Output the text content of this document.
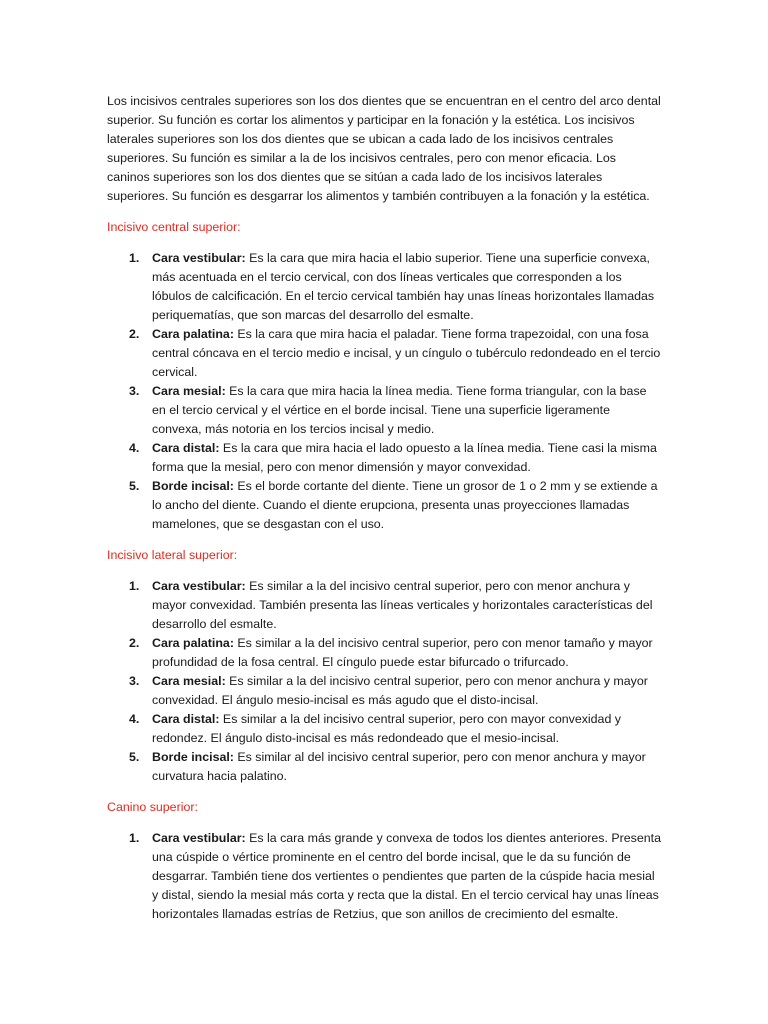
Los incisivos centrales superiores son los dos dientes que se encuentran en el centro del arco dental superior. Su función es cortar los alimentos y participar en la fonación y la estética. Los incisivos laterales superiores son los dos dientes que se ubican a cada lado de los incisivos centrales superiores. Su función es similar a la de los incisivos centrales, pero con menor eficacia. Los caninos superiores son los dos dientes que se sitúan a cada lado de los incisivos laterales superiores. Su función es desgarrar los alimentos y también contribuyen a la fonación y la estética.

Incisivo central superior:
1. Cara vestibular: Es la cara que mira hacia el labio superior. Tiene una superficie convexa, más acentuada en el tercio cervical, con dos líneas verticales que corresponden a los lóbulos de calcificación. En el tercio cervical también hay unas líneas horizontales llamadas periquematías, que son marcas del desarrollo del esmalte.
2. Cara palatina: Es la cara que mira hacia el paladar. Tiene forma trapezoidal, con una fosa central cóncava en el tercio medio e incisal, y un cíngulo o tubérculo redondeado en el tercio cervical.
3. Cara mesial: Es la cara que mira hacia la línea media. Tiene forma triangular, con la base en el tercio cervical y el vértice en el borde incisal. Tiene una superficie ligeramente convexa, más notoria en los tercios incisal y medio.
4. Cara distal: Es la cara que mira hacia el lado opuesto a la línea media. Tiene casi la misma forma que la mesial, pero con menor dimensión y mayor convexidad.
5. Borde incisal: Es el borde cortante del diente. Tiene un grosor de 1 o 2 mm y se extiende a lo ancho del diente. Cuando el diente erupciona, presenta unas proyecciones llamadas mamelones, que se desgastan con el uso.
Incisivo lateral superior:
1. Cara vestibular: Es similar a la del incisivo central superior, pero con menor anchura y mayor convexidad. También presenta las líneas verticales y horizontales características del desarrollo del esmalte.
2. Cara palatina: Es similar a la del incisivo central superior, pero con menor tamaño y mayor profundidad de la fosa central. El cíngulo puede estar bifurcado o trifurcado.
3. Cara mesial: Es similar a la del incisivo central superior, pero con menor anchura y mayor convexidad. El ángulo mesio-incisal es más agudo que el disto-incisal.
4. Cara distal: Es similar a la del incisivo central superior, pero con mayor convexidad y redondez. El ángulo disto-incisal es más redondeado que el mesio-incisal.
5. Borde incisal: Es similar al del incisivo central superior, pero con menor anchura y mayor curvatura hacia palatino.
Canino superior:
1. Cara vestibular: Es la cara más grande y convexa de todos los dientes anteriores. Presenta una cúspide o vértice prominente en el centro del borde incisal, que le da su función de desgarrar. También tiene dos vertientes o pendientes que parten de la cúspide hacia mesial y distal, siendo la mesial más corta y recta que la distal. En el tercio cervical hay unas líneas horizontales llamadas estrías de Retzius, que son anillos de crecimiento del esmalte.
